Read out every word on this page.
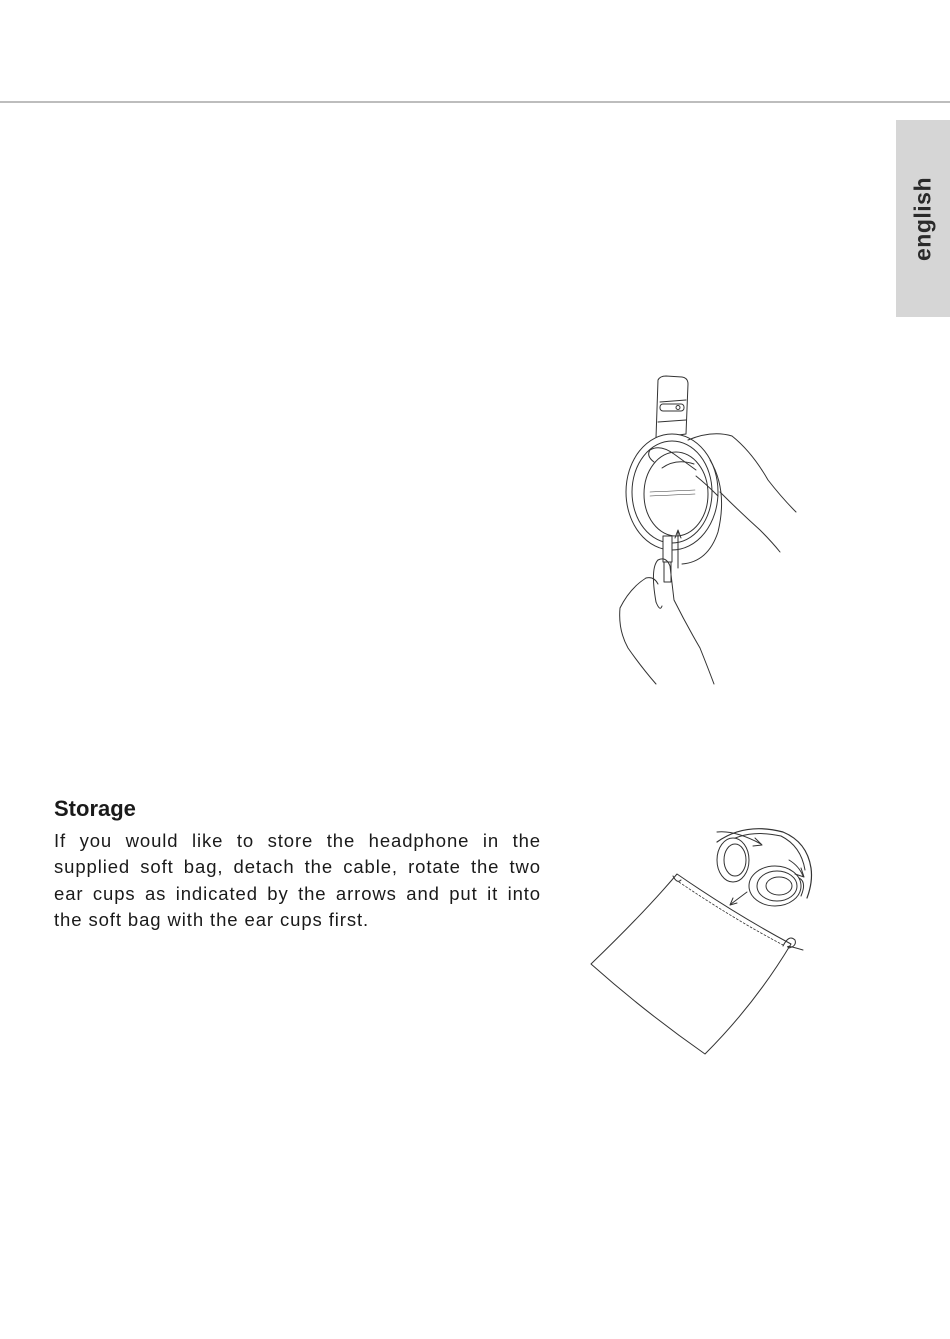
english
Storage

If you would like to store the headphone in the supplied soft bag, detach the cable, rotate the two ear cups as indicated by the arrows and put it into the soft bag with the ear cups first.
